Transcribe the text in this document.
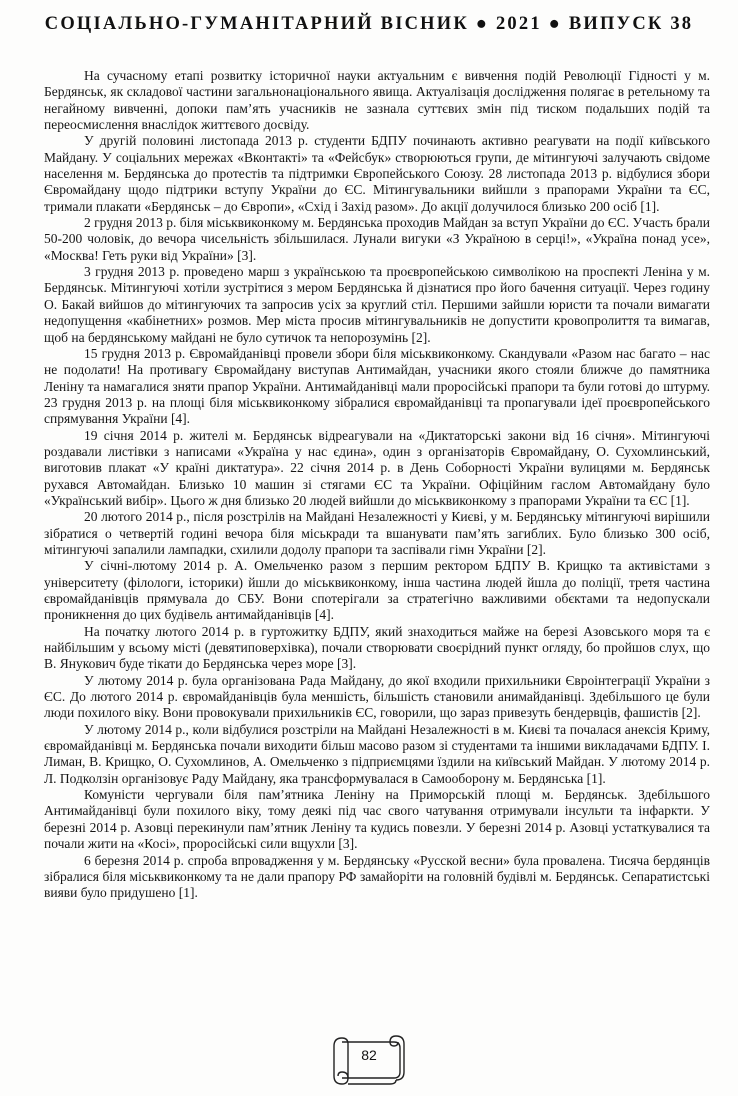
СОЦІАЛЬНО-ГУМАНІТАРНИЙ ВІСНИК ● 2021 ● ВИПУСК 38

На сучасному етапі розвитку історичної науки актуальним є вивчення подій Революції Гідності у м. Бердянськ, як складової частини загальнонаціонального явища. Актуалізація дослідження полягає в ретельному та негайному вивченні, допоки пам’ять учасників не зазнала суттєвих змін під тиском подальших подій та переосмислення внаслідок життєвого досвіду.

У другій половині листопада 2013 р. студенти БДПУ починають активно реагувати на події київського Майдану. У соціальних мережах «Вконтакті» та «Фейсбук» створюються групи, де мітингуючі залучають свідоме населення м. Бердянська до протестів та підтримки Європейського Союзу. 28 листопада 2013 р. відбулися збори Євромайдану щодо підтрики вступу України до ЄС. Мітингувальники вийшли з прапорами України та ЄС, тримали плакати «Бердянськ – до Європи», «Схід і Захід разом». До акції долучилося близько 200 осіб [1].

2 грудня 2013 р. біля міськвиконкому м. Бердянська проходив Майдан за вступ України до ЄС. Участь брали 50-200 чоловік, до вечора чисельність збільшилася. Лунали вигуки «З Україною в серці!», «Україна понад усе», «Москва! Геть руки від України» [3].

3 грудня 2013 р. проведено марш з українською та проєвропейською символікою на проспекті Леніна у м. Бердянськ. Мітингуючі хотіли зустрітися з мером Бердянська й дізнатися про його бачення ситуації. Через годину О. Бакай вийшов до мітингуючих та запросив усіх за круглий стіл. Першими зайшли юристи та почали вимагати недопущення «кабінетних» розмов. Мер міста просив мітингувальників не допустити кровопролиття та вимагав, щоб на бердянському майдані не було сутичок та непорозумінь [2].

15 грудня 2013 р. Євромайданівці провели збори біля міськвиконкому. Скандували «Разом нас багато – нас не подолати! На противагу Євромайдану виступав Антимайдан, учасники якого стояли ближче до памятника Леніну та намагалися зняти прапор України. Антимайданівці мали проросійські прапори та були готові до штурму. 23 грудня 2013 р. на площі біля міськвиконкому зібралися євромайданівці та пропагували ідеї проєвропейського спрямування України [4].

19 січня 2014 р. жителі м. Бердянськ відреагували на «Диктаторські закони від 16 січня». Мітингуючі роздавали листівки з написами «Україна у нас єдина», один з організаторів Євромайдану, О. Сухомлинський, виготовив плакат «У країні диктатура». 22 січня 2014 р. в День Соборності України вулицями м. Бердянськ рухався Автомайдан. Близько 10 машин зі стягами ЄС та України. Офіційним гаслом Автомайдану було «Український вибір». Цього ж дня близько 20 людей вийшли до міськвиконкому з прапорами України та ЄС [1].

20 лютого 2014 р., після розстрілів на Майдані Незалежності у Києві, у м. Бердянську мітингуючі вирішили зібратися о четвертій годині вечора біля міськради та вшанувати пам’ять загиблих. Було близько 300 осіб, мітингуючі запалили лампадки, схилили додолу прапори та заспівали гімн України [2].

У січні-лютому 2014 р. А. Омельченко разом з першим ректором БДПУ В. Крищко та активістами з університету (філологи, історики) йшли до міськвиконкому, інша частина людей йшла до поліції, третя частина євромайданівців прямувала до СБУ. Вони спотерігали за стратегічно важливими обєктами та недопускали проникнення до цих будівель антимайданівців [4].

На початку лютого 2014 р. в гуртожитку БДПУ, який знаходиться майже на березі Азовського моря та є найбільшим у всьому місті (девятиповерхівка), почали створювати своєрідний пункт огляду, бо пройшов слух, що В. Янукович буде тікати до Бердянська через море [3].

У лютому 2014 р. була організована Рада Майдану, до якої входили прихильники Євроінтеграції України з ЄС. До лютого 2014 р. євромайданівців була меншість, більшість становили анимайданівці. Здебільшого це були люди похилого віку. Вони провокували прихильників ЄС, говорили, що зараз привезуть бендервців, фашистів [2].

У лютому 2014 р., коли відбулися розстріли на Майдані Незалежності в м. Києві та почалася анексія Криму, євромайданівці м. Бердянська почали виходити більш масово разом зі студентами та іншими викладачами БДПУ. І. Лиман, В. Крищко, О. Сухомлинов, А. Омельченко з підприємцями їздили на київський Майдан. У лютому 2014 р. Л. Подколзін організовує Раду Майдану, яка трансформувалася в Самооборону м. Бердянська [1].

Комуністи чергували біля пам’ятника Леніну на Приморській площі м. Бердянськ. Здебільшого Антимайданівці були похилого віку, тому деякі під час свого чатування отримували інсульти та інфаркти. У березні 2014 р. Азовці перекинули пам’ятник Леніну та кудись повезли. У березні 2014 р. Азовці устаткувалися та почали жити на «Косі», проросійські сили вщухли [3].

6 березня 2014 р. спроба впровадження у м. Бердянську «Русской весни» була провалена. Тисяча бердянців зібралися біля міськвиконкому та не дали прапору РФ замайоріти на головній будівлі м. Бердянськ. Сепаратистські вияви було придушено [1].

82
